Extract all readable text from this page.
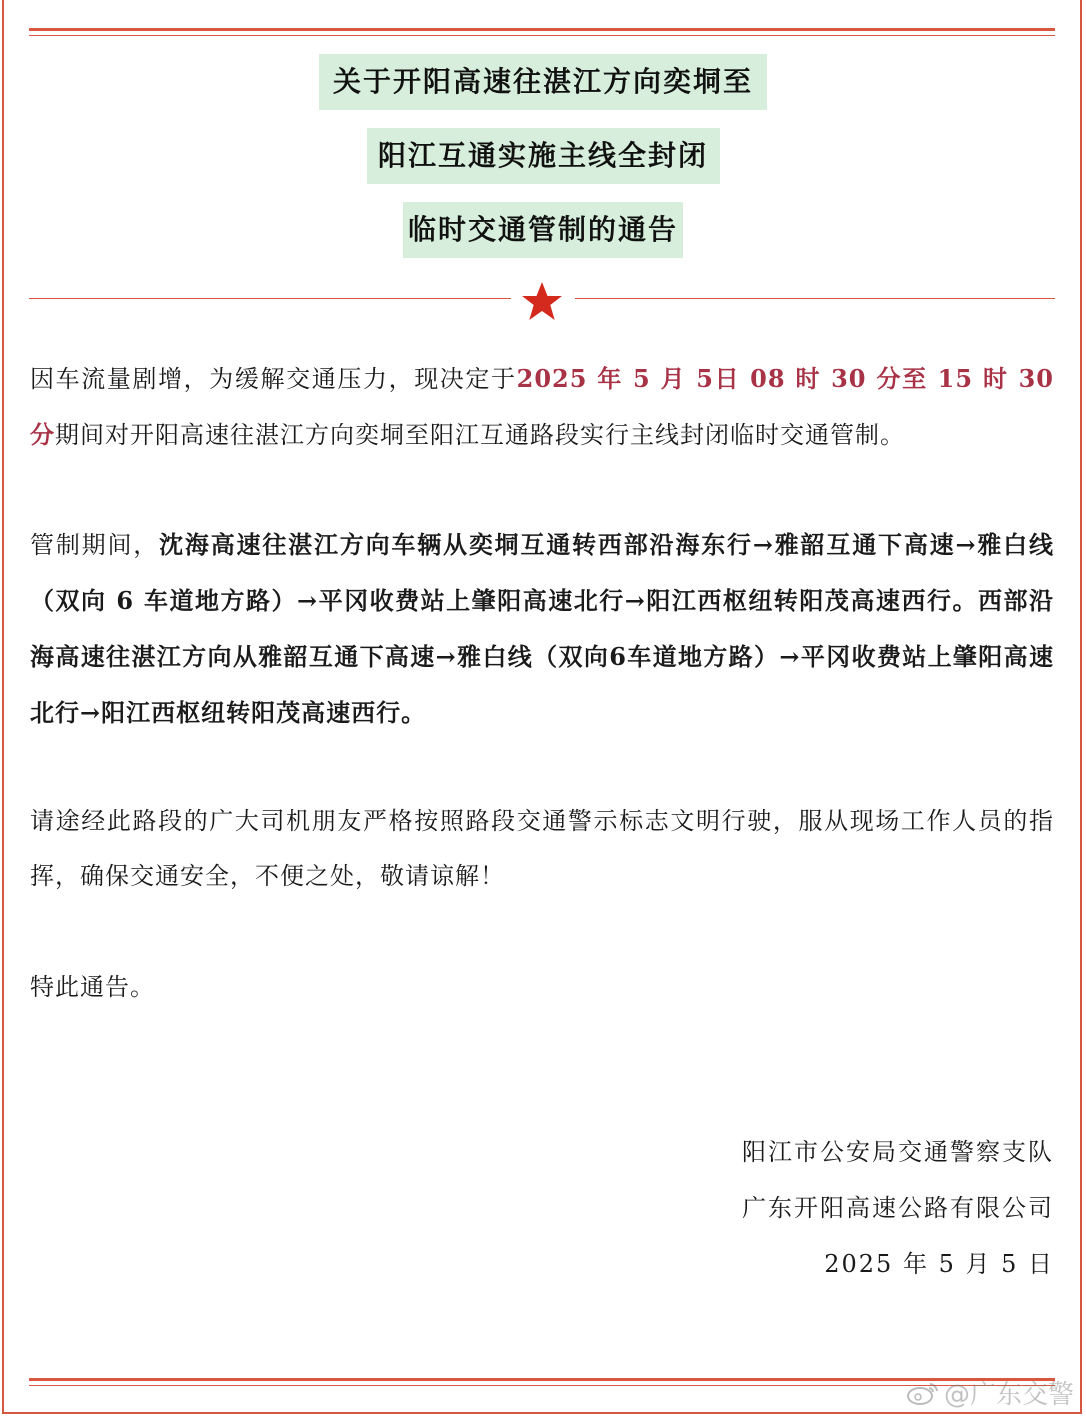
关于开阳高速往湛江方向奕垌至
阳江互通实施主线全封闭
临时交通管制的通告
因车流量剧增，为缓解交通压力，现决定于2025 年 5 月 5日 08 时 30 分至 15 时 30 分期间对开阳高速往湛江方向奕垌至阳江互通路段实行主线封闭临时交通管制。
管制期间，沈海高速往湛江方向车辆从奕垌互通转西部沿海东行→雅韶互通下高速→雅白线（双向 6 车道地方路）→平冈收费站上肇阳高速北行→阳江西枢纽转阳茂高速西行。西部沿海高速往湛江方向从雅韶互通下高速→雅白线（双向6车道地方路）→平冈收费站上肇阳高速北行→阳江西枢纽转阳茂高速西行。
请途经此路段的广大司机朋友严格按照路段交通警示标志文明行驶，服从现场工作人员的指挥，确保交通安全，不便之处，敬请谅解！
特此通告。
阳江市公安局交通警察支队
广东开阳高速公路有限公司
2025 年 5 月 5 日
@广东交警
